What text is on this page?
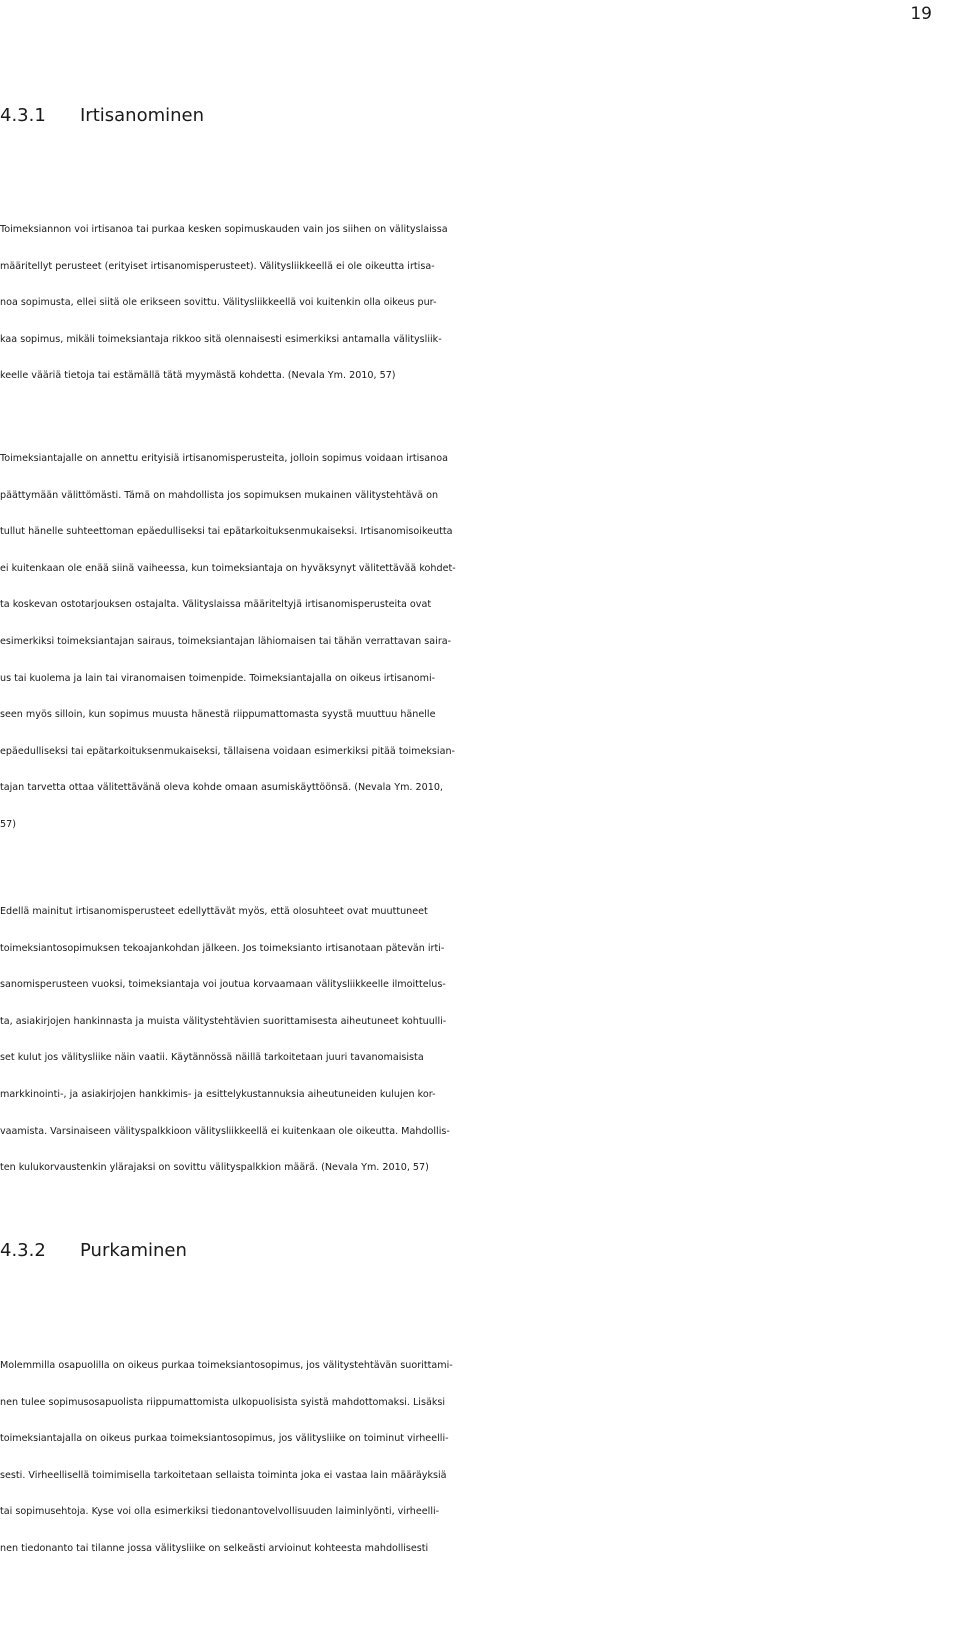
19
4.3.1 Irtisanominen
Toimeksiannon voi irtisanoa tai purkaa kesken sopimuskauden vain jos siihen on välityslaissa
määritellyt perusteet (erityiset irtisanomisperusteet). Välitysliikkeellä ei ole oikeutta irtisa-
noa sopimusta, ellei siitä ole erikseen sovittu. Välitysliikkeellä voi kuitenkin olla oikeus pur-
kaa sopimus, mikäli toimeksiantaja rikkoo sitä olennaisesti esimerkiksi antamalla välitysliik-
keelle vääriä tietoja tai estämällä tätä myymästä kohdetta. (Nevala Ym. 2010, 57)
Toimeksiantajalle on annettu erityisiä irtisanomisperusteita, jolloin sopimus voidaan irtisanoa
päättymään välittömästi. Tämä on mahdollista jos sopimuksen mukainen välitystehtävä on
tullut hänelle suhteettoman epäedulliseksi tai epätarkoituksenmukaiseksi. Irtisanomisoikeutta
ei kuitenkaan ole enää siinä vaiheessa, kun toimeksiantaja on hyväksynyt välitettävää kohdet-
ta koskevan ostotarjouksen ostajalta. Välityslaissa määriteltyjä irtisanomisperusteita ovat
esimerkiksi toimeksiantajan sairaus, toimeksiantajan lähiomaisen tai tähän verrattavan saira-
us tai kuolema ja lain tai viranomaisen toimenpide. Toimeksiantajalla on oikeus irtisanomi-
seen myös silloin, kun sopimus muusta hänestä riippumattomasta syystä muuttuu hänelle
epäedulliseksi tai epätarkoituksenmukaiseksi, tällaisena voidaan esimerkiksi pitää toimeksian-
tajan tarvetta ottaa välitettävänä oleva kohde omaan asumiskäyttöönsä. (Nevala Ym. 2010,
57)
Edellä mainitut irtisanomisperusteet edellyttävät myös, että olosuhteet ovat muuttuneet
toimeksiantosopimuksen tekoajankohdan jälkeen. Jos toimeksianto irtisanotaan pätevän irti-
sanomisperusteen vuoksi, toimeksiantaja voi joutua korvaamaan välitysliikkeelle ilmoittelus-
ta, asiakirjojen hankinnasta ja muista välitystehtävien suorittamisesta aiheutuneet kohtuulli-
set kulut jos välitysliike näin vaatii. Käytännössä näillä tarkoitetaan juuri tavanomaisista
markkinointi-, ja asiakirjojen hankkimis- ja esittelykustannuksia aiheutuneiden kulujen kor-
vaamista. Varsinaiseen välityspalkkioon välitysliikkeellä ei kuitenkaan ole oikeutta. Mahdollis-
ten kulukorvaustenkin ylärajaksi on sovittu välityspalkkion määrä. (Nevala Ym. 2010, 57)
4.3.2 Purkaminen
Molemmilla osapuolilla on oikeus purkaa toimeksiantosopimus, jos välitystehtävän suorittami-
nen tulee sopimusosapuolista riippumattomista ulkopuolisista syistä mahdottomaksi. Lisäksi
toimeksiantajalla on oikeus purkaa toimeksiantosopimus, jos välitysliike on toiminut virheelli-
sesti. Virheellisellä toimimisella tarkoitetaan sellaista toiminta joka ei vastaa lain määräyksiä
tai sopimusehtoja. Kyse voi olla esimerkiksi tiedonantovelvollisuuden laiminlyönti, virheelli-
nen tiedonanto tai tilanne jossa välitysliike on selkeästi arvioinut kohteesta mahdollisesti
